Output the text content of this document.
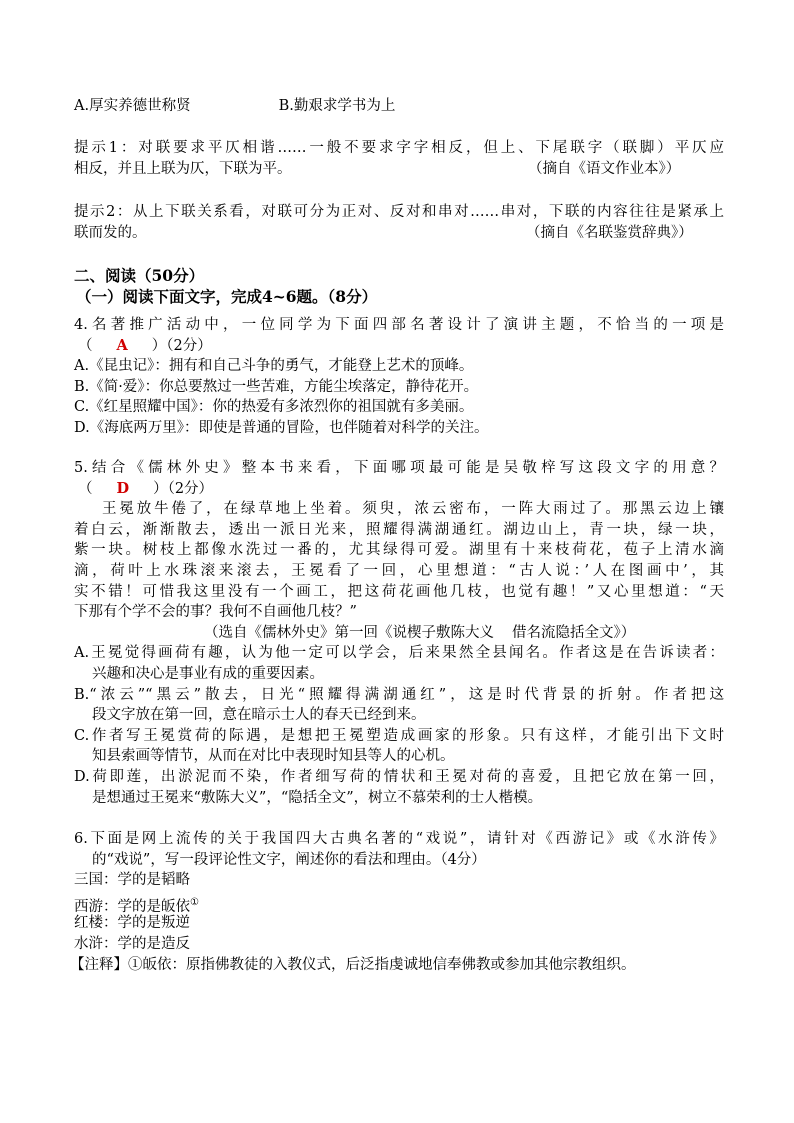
A.厚实养德世称贤	B.勤艰求学书为上
提示1：对联要求平仄相谐……一般不要求字字相反，但上、下尾联字（联脚）平仄应
相反，并且上联为仄，下联为平。	（摘自《语文作业本》）
提示2：从上下联关系看，对联可分为正对、反对和串对……串对，下联的内容往往是紧承上
联而发的。	（摘自《名联鉴赏辞典》）
二、阅读（50分）
（一）阅读下面文字，完成4~6题。（8分）
4.名著推广活动中，一位同学为下面四部名著设计了演讲主题，不恰当的一项是
（ A ）（2分）
A.《昆虫记》：拥有和自己斗争的勇气，才能登上艺术的顶峰。
B.《简·爱》：你总要熬过一些苦难，方能尘埃落定，静待花开。
C.《红星照耀中国》：你的热爱有多浓烈你的祖国就有多美丽。
D.《海底两万里》：即使是普通的冒险，也伴随着对科学的关注。
5.结合《儒林外史》整本书来看，下面哪项最可能是吴敬梓写这段文字的用意？
（ D ）（2分）
王冕放牛倦了，在绿草地上坐着。须臾，浓云密布，一阵大雨过了。那黑云边上镶
着白云，渐渐散去，透出一派日光来，照耀得满湖通红。湖边山上，青一块，绿一块，
紫一块。树枝上都像水洗过一番的，尤其绿得可爱。湖里有十来枝荷花，苞子上清水滴
滴，荷叶上水珠滚来滚去，王冕看了一回，心里想道：“古人说：’人在图画中’，其
实不错！可惜我这里没有一个画工，把这荷花画他几枝，也觉有趣！”又心里想道：“天
下那有个学不会的事？我何不自画他几枝？”
（选自《儒林外史》第一回《说楔子敷陈大义 借名流隐括全文》）
A.王冕觉得画荷有趣，认为他一定可以学会，后来果然全县闻名。作者这是在告诉读者：
兴趣和决心是事业有成的重要因素。
B.“浓云”“黑云”散去，日光“照耀得满湖通红”，这是时代背景的折射。作者把这
段文字放在第一回，意在暗示士人的春天已经到来。
C.作者写王冕赏荷的际遇，是想把王冕塑造成画家的形象。只有这样，才能引出下文时
知县索画等情节，从而在对比中表现时知县等人的心机。
D.荷即莲，出淤泥而不染，作者细写荷的情状和王冕对荷的喜爱，且把它放在第一回，
是想通过王冕来“敷陈大义”，“隐括全文”，树立不慕荣利的士人楷模。
6.下面是网上流传的关于我国四大古典名著的“戏说”，请针对《西游记》或《水浒传》
的“戏说”，写一段评论性文字，阐述你的看法和理由。（4分）
三国：学的是韬略
西游：学的是皈依①
红楼：学的是叛逆
水浒：学的是造反
【注释】①皈依：原指佛教徒的入教仪式，后泛指虔诚地信奉佛教或参加其他宗教组织。
